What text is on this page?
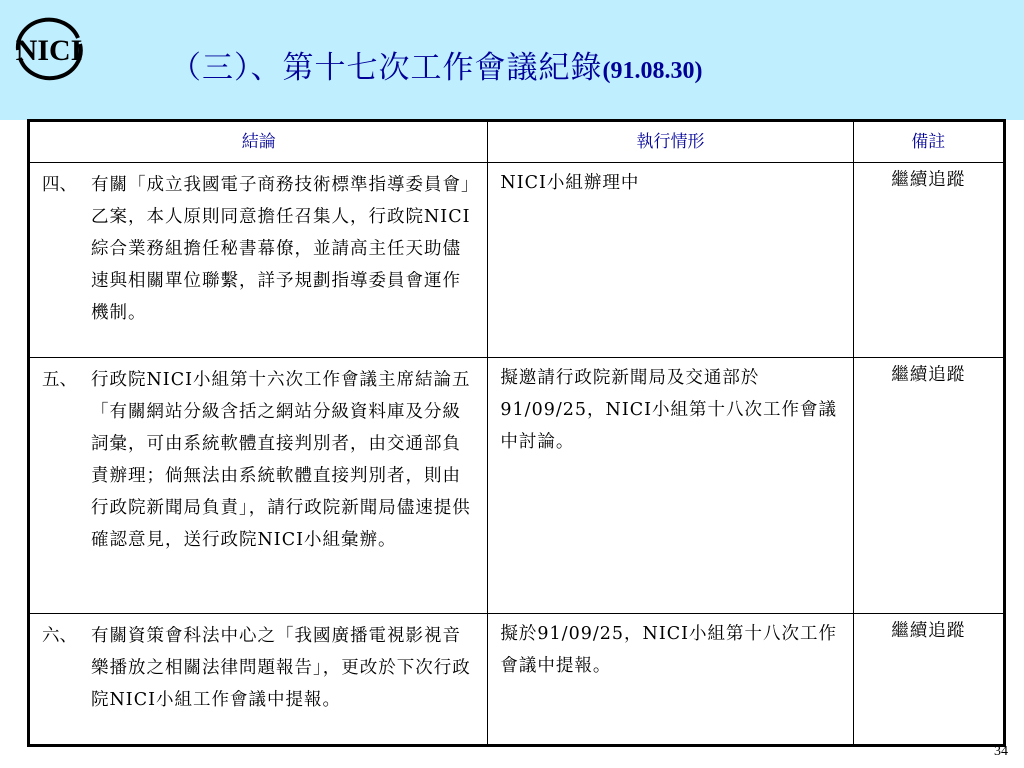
NICI	（三）、第十七次工作會議紀錄(91.08.30)
結論	執行情形	備註

四、 有關「成立我國電子商務技術標準指導委員會」乙案，本人原則同意擔任召集人，行政院NICI綜合業務組擔任秘書幕僚，並請高主任天助儘速與相關單位聯繫，詳予規劃指導委員會運作機制。	NICI小組辦理中	繼續追蹤

五、 行政院NICI小組第十六次工作會議主席結論五「有關網站分級含括之網站分級資料庫及分級詞彙，可由系統軟體直接判別者，由交通部負責辦理；倘無法由系統軟體直接判別者，則由行政院新聞局負責」，請行政院新聞局儘速提供確認意見，送行政院NICI小組彙辦。	擬邀請行政院新聞局及交通部於91/09/25，NICI小組第十八次工作會議中討論。	繼續追蹤

六、 有關資策會科法中心之「我國廣播電視影視音樂播放之相關法律問題報告」，更改於下次行政院NICI小組工作會議中提報。	擬於91/09/25，NICI小組第十八次工作會議中提報。	繼續追蹤
34
